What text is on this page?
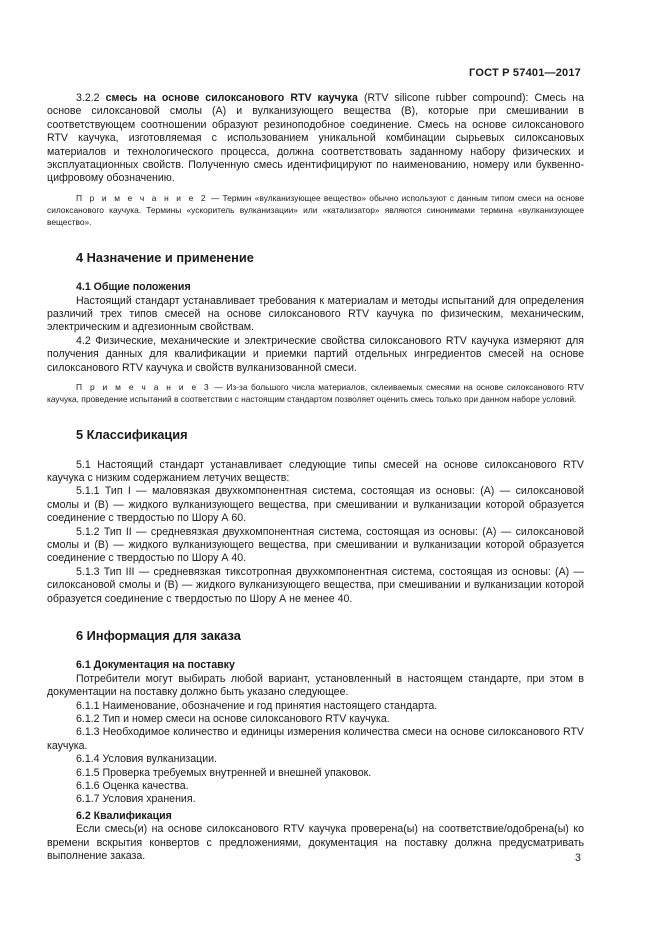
ГОСТ Р 57401—2017

3.2.2 смесь на основе силоксанового RTV каучука (RTV silicone rubber compound): Смесь на основе силоксановой смолы (А) и вулканизующего вещества (В), которые при смешивании в соответствующем соотношении образуют резиноподобное соединение. Смесь на основе силоксанового RTV каучука, изготовляемая с использованием уникальной комбинации сырьевых силоксановых материалов и технологического процесса, должна соответствовать заданному набору физических и эксплуатационных свойств. Полученную смесь идентифицируют по наименованию, номеру или буквенно-цифровому обозначению.

П р и м е ч а н и е 2 — Термин «вулканизующее вещество» обычно используют с данным типом смеси на основе силоксанового каучука. Термины «ускоритель вулканизации» или «катализатор» являются синонимами термина «вулканизующее вещество».

4 Назначение и применение
4.1 Общие положения

Настоящий стандарт устанавливает требования к материалам и методы испытаний для определения различий трех типов смесей на основе силоксанового RTV каучука по физическим, механическим, электрическим и адгезионным свойствам.

4.2 Физические, механические и электрические свойства силоксанового RTV каучука измеряют для получения данных для квалификации и приемки партий отдельных ингредиентов смесей на основе силоксанового RTV каучука и свойств вулканизованной смеси.

П р и м е ч а н и е 3 — Из-за большого числа материалов, склеиваемых смесями на основе силоксанового RTV каучука, проведение испытаний в соответствии с настоящим стандартом позволяет оценить смесь только при данном наборе условий.

5 Классификация

5.1 Настоящий стандарт устанавливает следующие типы смесей на основе силоксанового RTV каучука с низким содержанием летучих веществ:

5.1.1 Тип I — маловязкая двухкомпонентная система, состоящая из основы: (А) — силоксановой смолы и (В) — жидкого вулканизующего вещества, при смешивании и вулканизации которой образуется соединение с твердостью по Шору А 60.

5.1.2 Тип II — средневязкая двухкомпонентная система, состоящая из основы: (А) — силоксановой смолы и (В) — жидкого вулканизующего вещества, при смешивании и вулканизации которой образуется соединение с твердостью по Шору А 40.

5.1.3 Тип III — средневязкая тиксотропная двухкомпонентная система, состоящая из основы: (А) — силоксановой смолы и (В) — жидкого вулканизующего вещества, при смешивании и вулканизации которой образуется соединение с твердостью по Шору А не менее 40.

6 Информация для заказа
6.1 Документация на поставку

Потребители могут выбирать любой вариант, установленный в настоящем стандарте, при этом в документации на поставку должно быть указано следующее.

6.1.1 Наименование, обозначение и год принятия настоящего стандарта.

6.1.2 Тип и номер смеси на основе силоксанового RTV каучука.

6.1.3 Необходимое количество и единицы измерения количества смеси на основе силоксанового RTV каучука.

6.1.4 Условия вулканизации.

6.1.5 Проверка требуемых внутренней и внешней упаковок.

6.1.6 Оценка качества.

6.1.7 Условия хранения.

6.2 Квалификация

Если смесь(и) на основе силоксанового RTV каучука проверена(ы) на соответствие/одобрена(ы) ко времени вскрытия конвертов с предложениями, документация на поставку должна предусматривать выполнение заказа.	3
